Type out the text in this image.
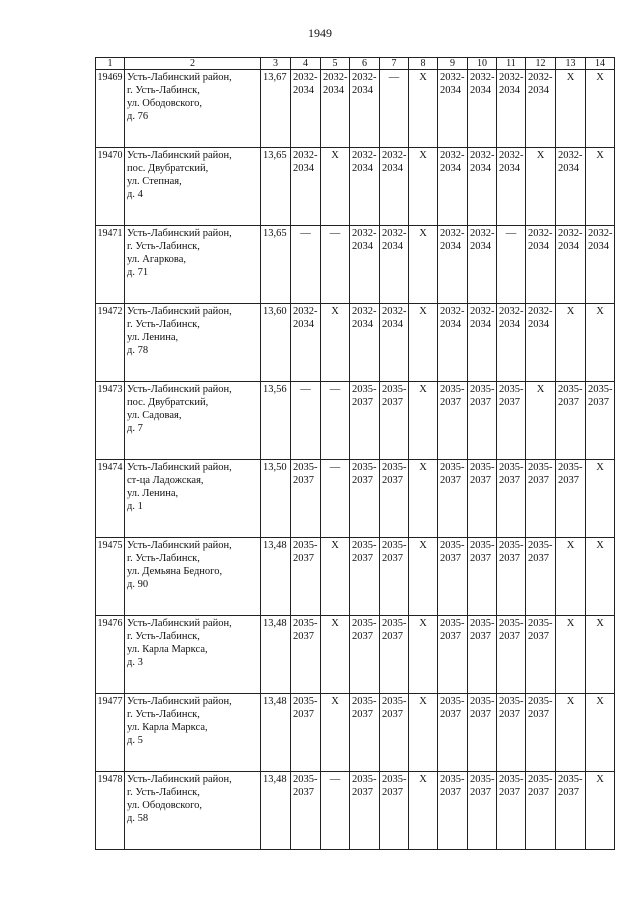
1949
1	2	3	4	5	6	7	8	9	10	11	12	13	14
19469	Усть-Лабинский район,
г. Усть-Лабинск,
ул. Ободовского,
д. 76	13,67	2032-
2034	2032-
2034	2032-
2034	—	X	2032-
2034	2032-
2034	2032-
2034	2032-
2034	X	X
19470	Усть-Лабинский район,
пос. Двубратский,
ул. Степная,
д. 4	13,65	2032-
2034	X	2032-
2034	2032-
2034	X	2032-
2034	2032-
2034	2032-
2034	X	2032-
2034	X
19471	Усть-Лабинский район,
г. Усть-Лабинск,
ул. Агаркова,
д. 71	13,65	—	—	2032-
2034	2032-
2034	X	2032-
2034	2032-
2034	—	2032-
2034	2032-
2034	2032-
2034

19472	Усть-Лабинский район,
г. Усть-Лабинск,
ул. Ленина,
д. 78	13,60	2032-
2034	X	2032-
2034	2032-
2034	X	2032-
2034	2032-
2034	2032-
2034	2032-
2034	X	X
19473	Усть-Лабинский район,
пос. Двубратский,
ул. Садовая,
д. 7	13,56	—	—	2035-
2037	2035-
2037	X	2035-
2037	2035-
2037	2035-
2037	X	2035-
2037	2035-
2037

19474	Усть-Лабинский район,
ст-ца Ладожская,
ул. Ленина,
д. 1	13,50	2035-
2037	—	2035-
2037	2035-
2037	X	2035-
2037	2035-
2037	2035-
2037	2035-
2037	2035-
2037	X
19475	Усть-Лабинский район,
г. Усть-Лабинск,
ул. Демьяна Бедного,
д. 90	13,48	2035-
2037	X	2035-
2037	2035-
2037	X	2035-
2037	2035-
2037	2035-
2037	2035-
2037	X	X
19476	Усть-Лабинский район,
г. Усть-Лабинск,
ул. Карла Маркса,
д. 3	13,48	2035-
2037	X	2035-
2037	2035-
2037	X	2035-
2037	2035-
2037	2035-
2037	2035-
2037	X	X
19477	Усть-Лабинский район,
г. Усть-Лабинск,
ул. Карла Маркса,
д. 5	13,48	2035-
2037	X	2035-
2037	2035-
2037	X	2035-
2037	2035-
2037	2035-
2037	2035-
2037	X	X
19478	Усть-Лабинский район,
г. Усть-Лабинск,
ул. Ободовского,
д. 58	13,48	2035-
2037	—	2035-
2037	2035-
2037	X	2035-
2037	2035-
2037	2035-
2037	2035-
2037	2035-
2037	X
